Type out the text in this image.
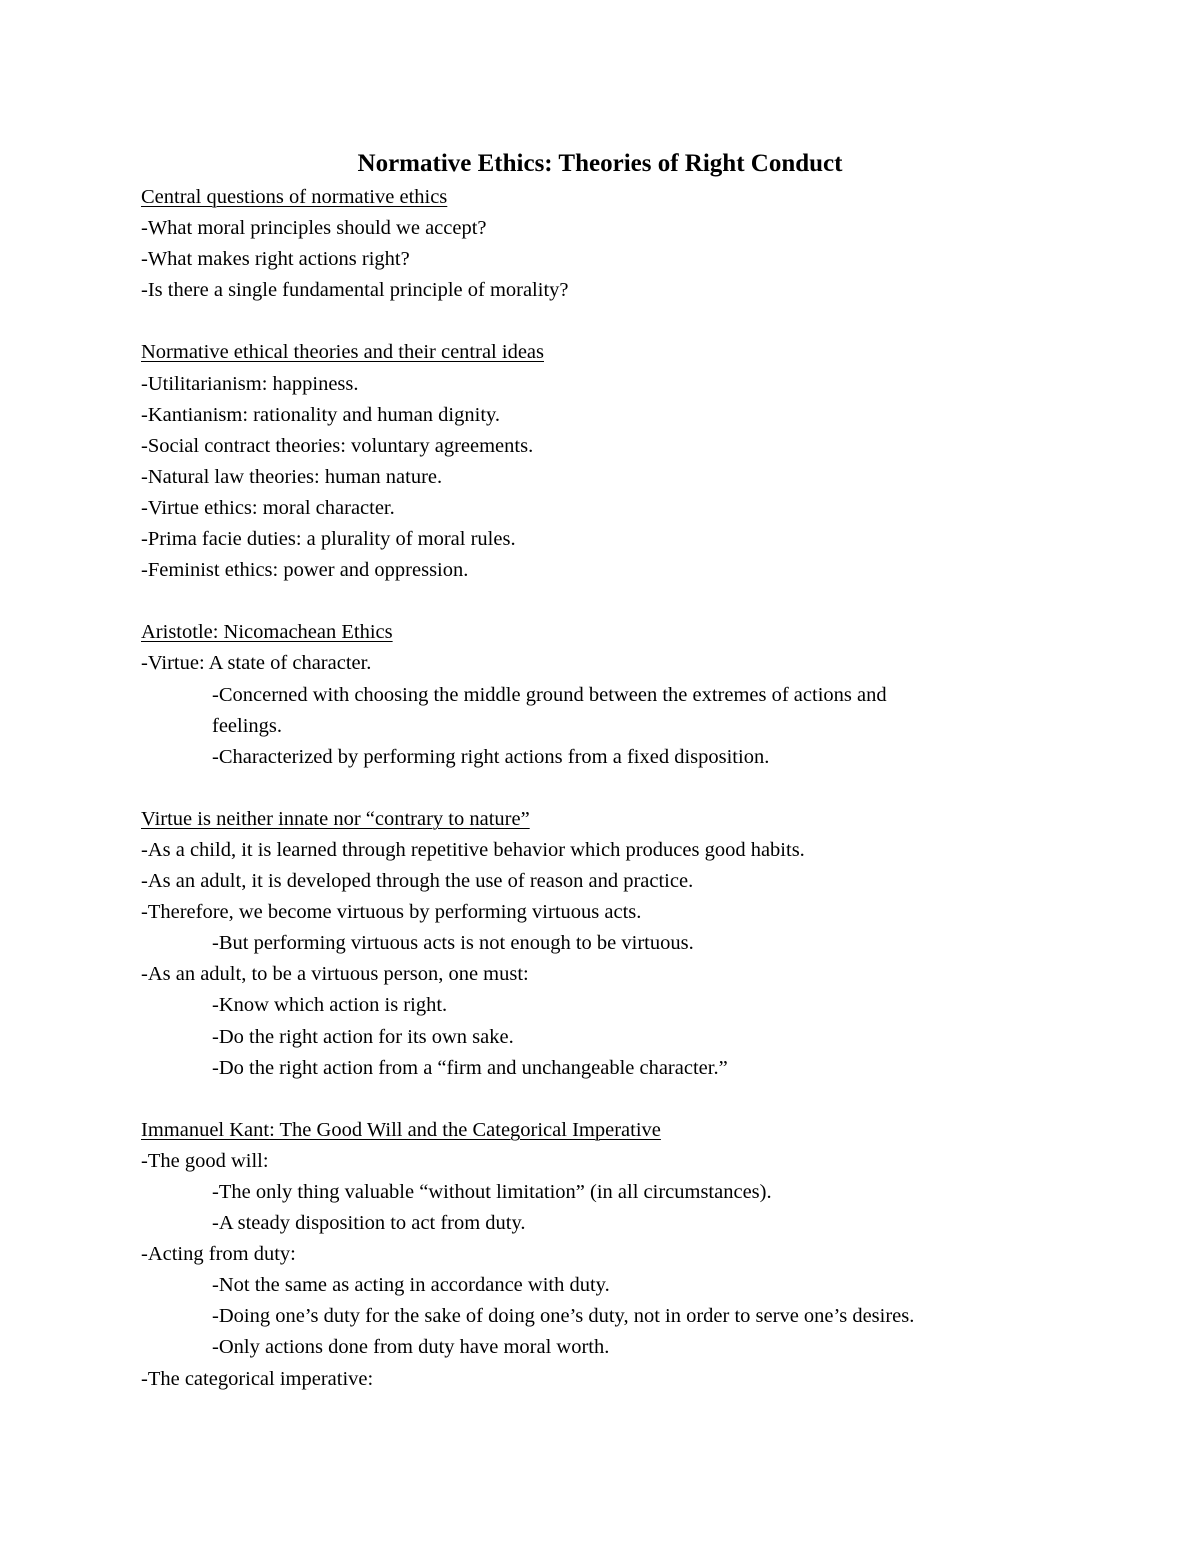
Normative Ethics: Theories of Right Conduct
Central questions of normative ethics
-What moral principles should we accept?
-What makes right actions right?
-Is there a single fundamental principle of morality?
Normative ethical theories and their central ideas
-Utilitarianism: happiness.
-Kantianism: rationality and human dignity.
-Social contract theories: voluntary agreements.
-Natural law theories: human nature.
-Virtue ethics: moral character.
-Prima facie duties: a plurality of moral rules.
-Feminist ethics: power and oppression.
Aristotle: Nicomachean Ethics
-Virtue: A state of character.
-Concerned with choosing the middle ground between the extremes of actions and
feelings.
-Characterized by performing right actions from a fixed disposition.
Virtue is neither innate nor “contrary to nature”
-As a child, it is learned through repetitive behavior which produces good habits.
-As an adult, it is developed through the use of reason and practice.
-Therefore, we become virtuous by performing virtuous acts.
-But performing virtuous acts is not enough to be virtuous.
-As an adult, to be a virtuous person, one must:
-Know which action is right.
-Do the right action for its own sake.
-Do the right action from a “firm and unchangeable character.”
Immanuel Kant: The Good Will and the Categorical Imperative
-The good will:
-The only thing valuable “without limitation” (in all circumstances).
-A steady disposition to act from duty.
-Acting from duty:
-Not the same as acting in accordance with duty.
-Doing one’s duty for the sake of doing one’s duty, not in order to serve one’s desires.
-Only actions done from duty have moral worth.
-The categorical imperative:
